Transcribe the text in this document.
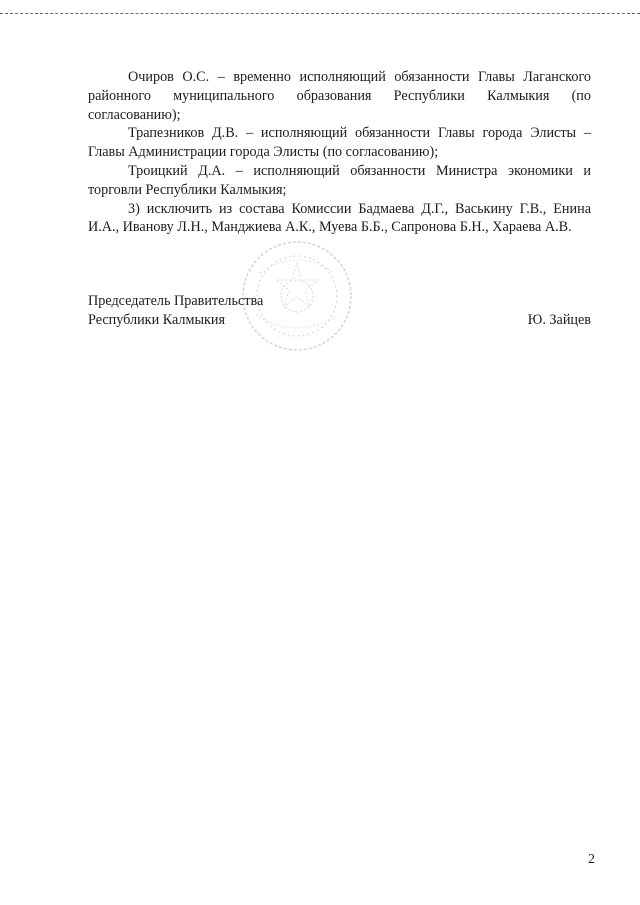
Очиров О.С. – временно исполняющий обязанности Главы Лаганского районного муниципального образования Республики Калмыкия (по согласованию);

Трапезников Д.В. – исполняющий обязанности Главы города Элисты – Главы Администрации города Элисты (по согласованию);

Троицкий Д.А. – исполняющий обязанности Министра экономики и торговли Республики Калмыкия;

3) исключить из состава Комиссии Бадмаева Д.Г., Васькину Г.В., Енина И.А., Иванову Л.Н., Манджиева А.К., Муева Б.Б., Сапронова Б.Н., Хараева А.В.

Председатель Правительства
Республики Калмыкия	Ю. Зайцев
2
